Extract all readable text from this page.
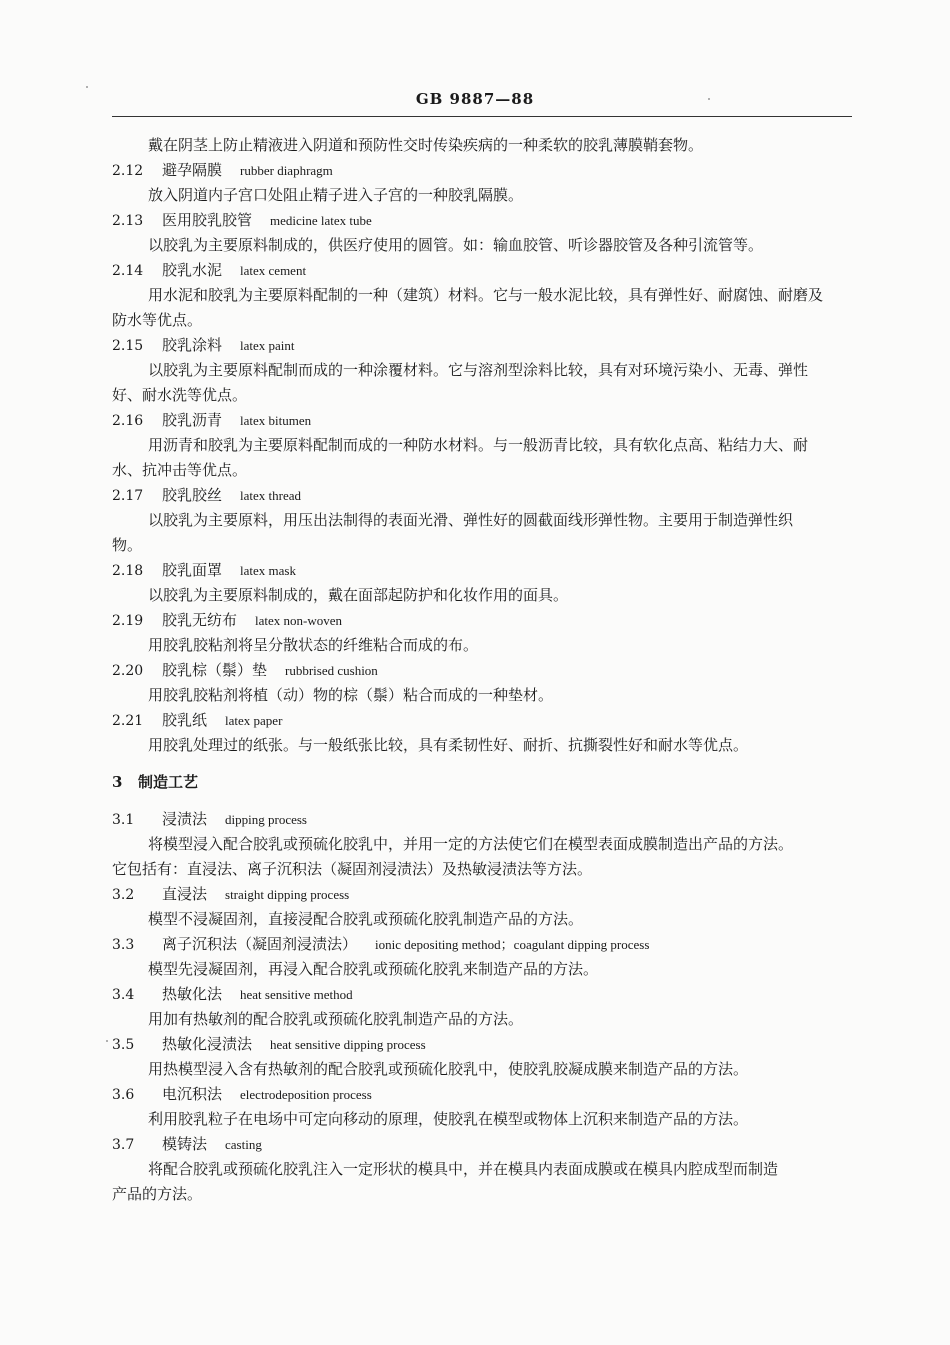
GB 9887—88
戴在阴茎上防止精液进入阴道和预防性交时传染疾病的一种柔软的胶乳薄膜鞘套物。
2.12 避孕隔膜 rubber diaphragm
放入阴道内子宫口处阻止精子进入子宫的一种胶乳隔膜。
2.13 医用胶乳胶管 medicine latex tube
以胶乳为主要原料制成的，供医疗使用的圆管。如：输血胶管、听诊器胶管及各种引流管等。
2.14 胶乳水泥 latex cement
用水泥和胶乳为主要原料配制的一种（建筑）材料。它与一般水泥比较，具有弹性好、耐腐蚀、耐磨及
防水等优点。
2.15 胶乳涂料 latex paint
以胶乳为主要原料配制而成的一种涂覆材料。它与溶剂型涂料比较，具有对环境污染小、无毒、弹性
好、耐水洗等优点。
2.16 胶乳沥青 latex bitumen
用沥青和胶乳为主要原料配制而成的一种防水材料。与一般沥青比较，具有软化点高、粘结力大、耐
水、抗冲击等优点。
2.17 胶乳胶丝 latex thread
以胶乳为主要原料，用压出法制得的表面光滑、弹性好的圆截面线形弹性物。主要用于制造弹性织
物。
2.18 胶乳面罩 latex mask
以胶乳为主要原料制成的，戴在面部起防护和化妆作用的面具。
2.19 胶乳无纺布 latex non-woven
用胶乳胶粘剂将呈分散状态的纤维粘合而成的布。
2.20 胶乳棕（鬃）垫 rubbrised cushion
用胶乳胶粘剂将植（动）物的棕（鬃）粘合而成的一种垫材。
2.21 胶乳纸 latex paper
用胶乳处理过的纸张。与一般纸张比较，具有柔韧性好、耐折、抗撕裂性好和耐水等优点。
3 制造工艺
3.1 浸渍法 dipping process
将模型浸入配合胶乳或预硫化胶乳中，并用一定的方法使它们在模型表面成膜制造出产品的方法。
它包括有：直浸法、离子沉积法（凝固剂浸渍法）及热敏浸渍法等方法。
3.2 直浸法 straight dipping process
模型不浸凝固剂，直接浸配合胶乳或预硫化胶乳制造产品的方法。
3.3 离子沉积法（凝固剂浸渍法） ionic depositing method；coagulant dipping process
模型先浸凝固剂，再浸入配合胶乳或预硫化胶乳来制造产品的方法。
3.4 热敏化法 heat sensitive method
用加有热敏剂的配合胶乳或预硫化胶乳制造产品的方法。
3.5 热敏化浸渍法 heat sensitive dipping process
用热模型浸入含有热敏剂的配合胶乳或预硫化胶乳中，使胶乳胶凝成膜来制造产品的方法。
3.6 电沉积法 electrodeposition process
利用胶乳粒子在电场中可定向移动的原理，使胶乳在模型或物体上沉积来制造产品的方法。
3.7 模铸法 casting
将配合胶乳或预硫化胶乳注入一定形状的模具中，并在模具内表面成膜或在模具内腔成型而制造
产品的方法。
